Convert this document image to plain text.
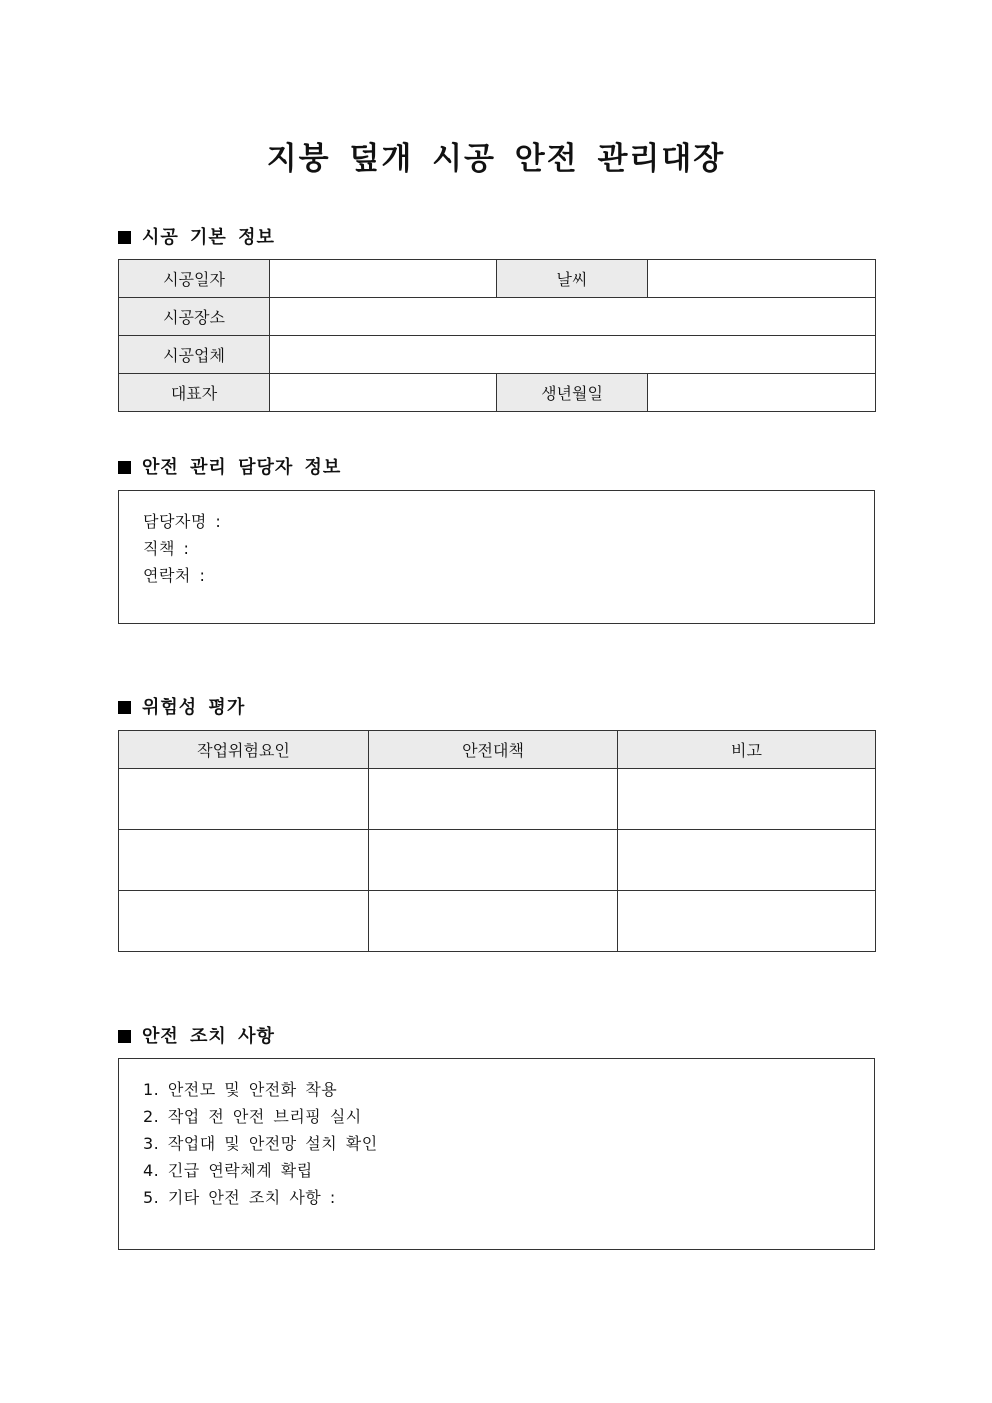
지붕 덮개 시공 안전 관리대장
시공 기본 정보
시공일자		날씨	
시공장소			
시공업체			
대표자		생년월일	
안전 관리 담당자 정보
담당자명 :
직책 :
연락처 :
위험성 평가
작업위험요인	안전대책	비고

안전 조치 사항
1. 안전모 및 안전화 착용
2. 작업 전 안전 브리핑 실시
3. 작업대 및 안전망 설치 확인
4. 긴급 연락체계 확립
5. 기타 안전 조치 사항 :
